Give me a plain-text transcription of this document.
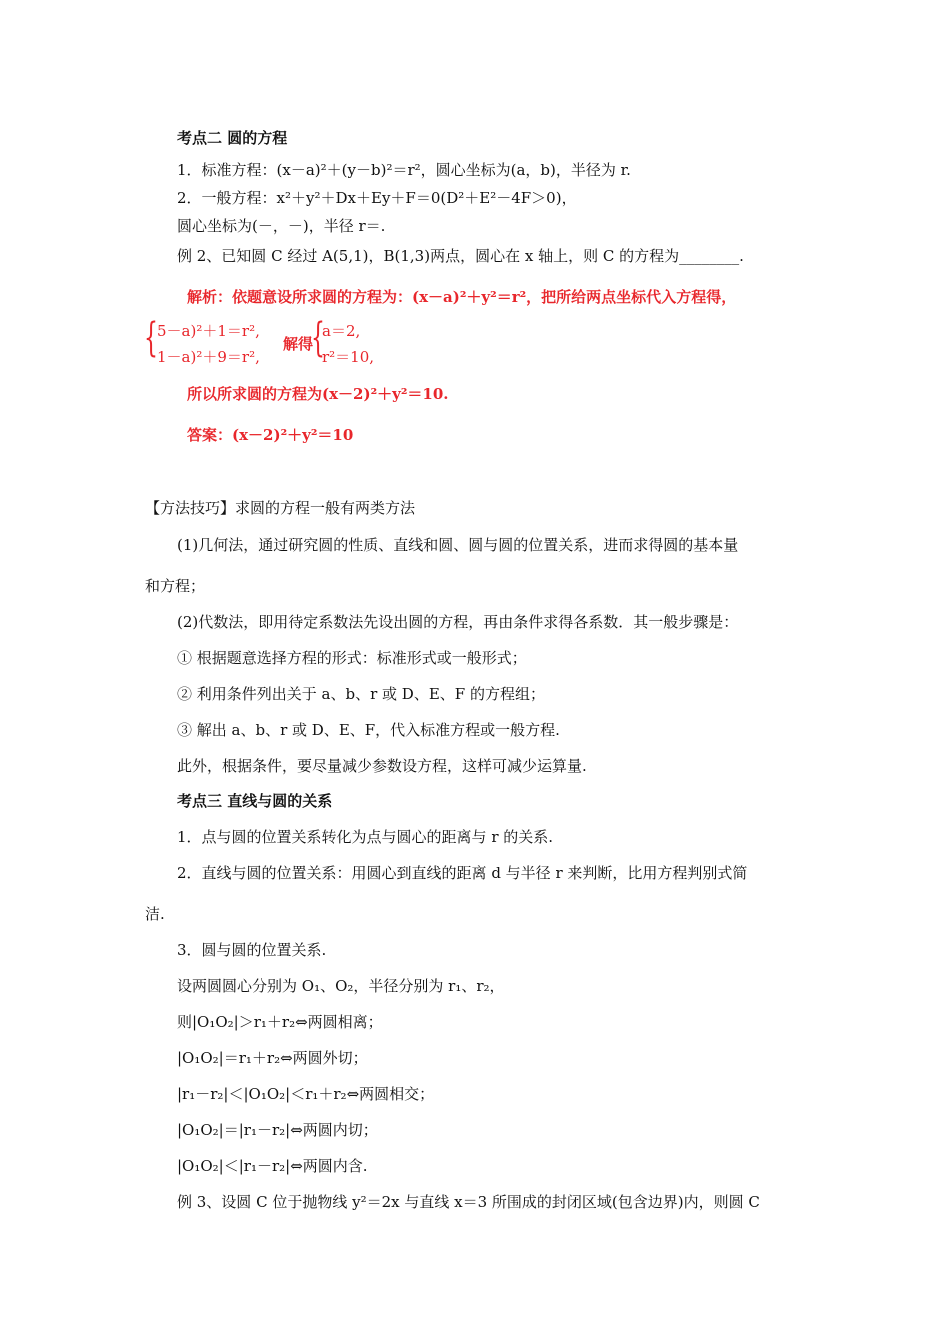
考点二 圆的方程
1．标准方程：(x－a)²＋(y－b)²＝r²，圆心坐标为(a，b)，半径为 r.
2．一般方程：x²＋y²＋Dx＋Ey＋F＝0(D²＋E²－4F＞0)，
圆心坐标为(－，－)，半径 r＝.
例 2、已知圆 C 经过 A(5,1)，B(1,3)两点，圆心在 x 轴上，则 C 的方程为________.
解析：依题意设所求圆的方程为：(x－a)²＋y²＝r²，把所给两点坐标代入方程得，
{ 5－a)²＋1＝r²,
1－a)²＋9＝r²,
解得
{
a＝2,
r²＝10,
所以所求圆的方程为(x－2)²＋y²＝10.
答案：(x－2)²＋y²＝10
【方法技巧】求圆的方程一般有两类方法
(1)几何法，通过研究圆的性质、直线和圆、圆与圆的位置关系，进而求得圆的基本量
和方程；
(2)代数法，即用待定系数法先设出圆的方程，再由条件求得各系数．其一般步骤是：
① 根据题意选择方程的形式：标准形式或一般形式；
② 利用条件列出关于 a、b、r 或 D、E、F 的方程组；
③ 解出 a、b、r 或 D、E、F，代入标准方程或一般方程.
此外，根据条件，要尽量减少参数设方程，这样可减少运算量.
考点三 直线与圆的关系
1．点与圆的位置关系转化为点与圆心的距离与 r 的关系.
2．直线与圆的位置关系：用圆心到直线的距离 d 与半径 r 来判断，比用方程判别式简
洁.
3．圆与圆的位置关系.
设两圆圆心分别为 O₁、O₂，半径分别为 r₁、r₂，
则|O₁O₂|＞r₁＋r₂⇔两圆相离；
|O₁O₂|＝r₁＋r₂⇔两圆外切；
|r₁－r₂|＜|O₁O₂|＜r₁＋r₂⇔两圆相交；
|O₁O₂|＝|r₁－r₂|⇔两圆内切；
|O₁O₂|＜|r₁－r₂|⇔两圆内含.
例 3、设圆 C 位于抛物线 y²＝2x 与直线 x＝3 所围成的封闭区域(包含边界)内，则圆 C
